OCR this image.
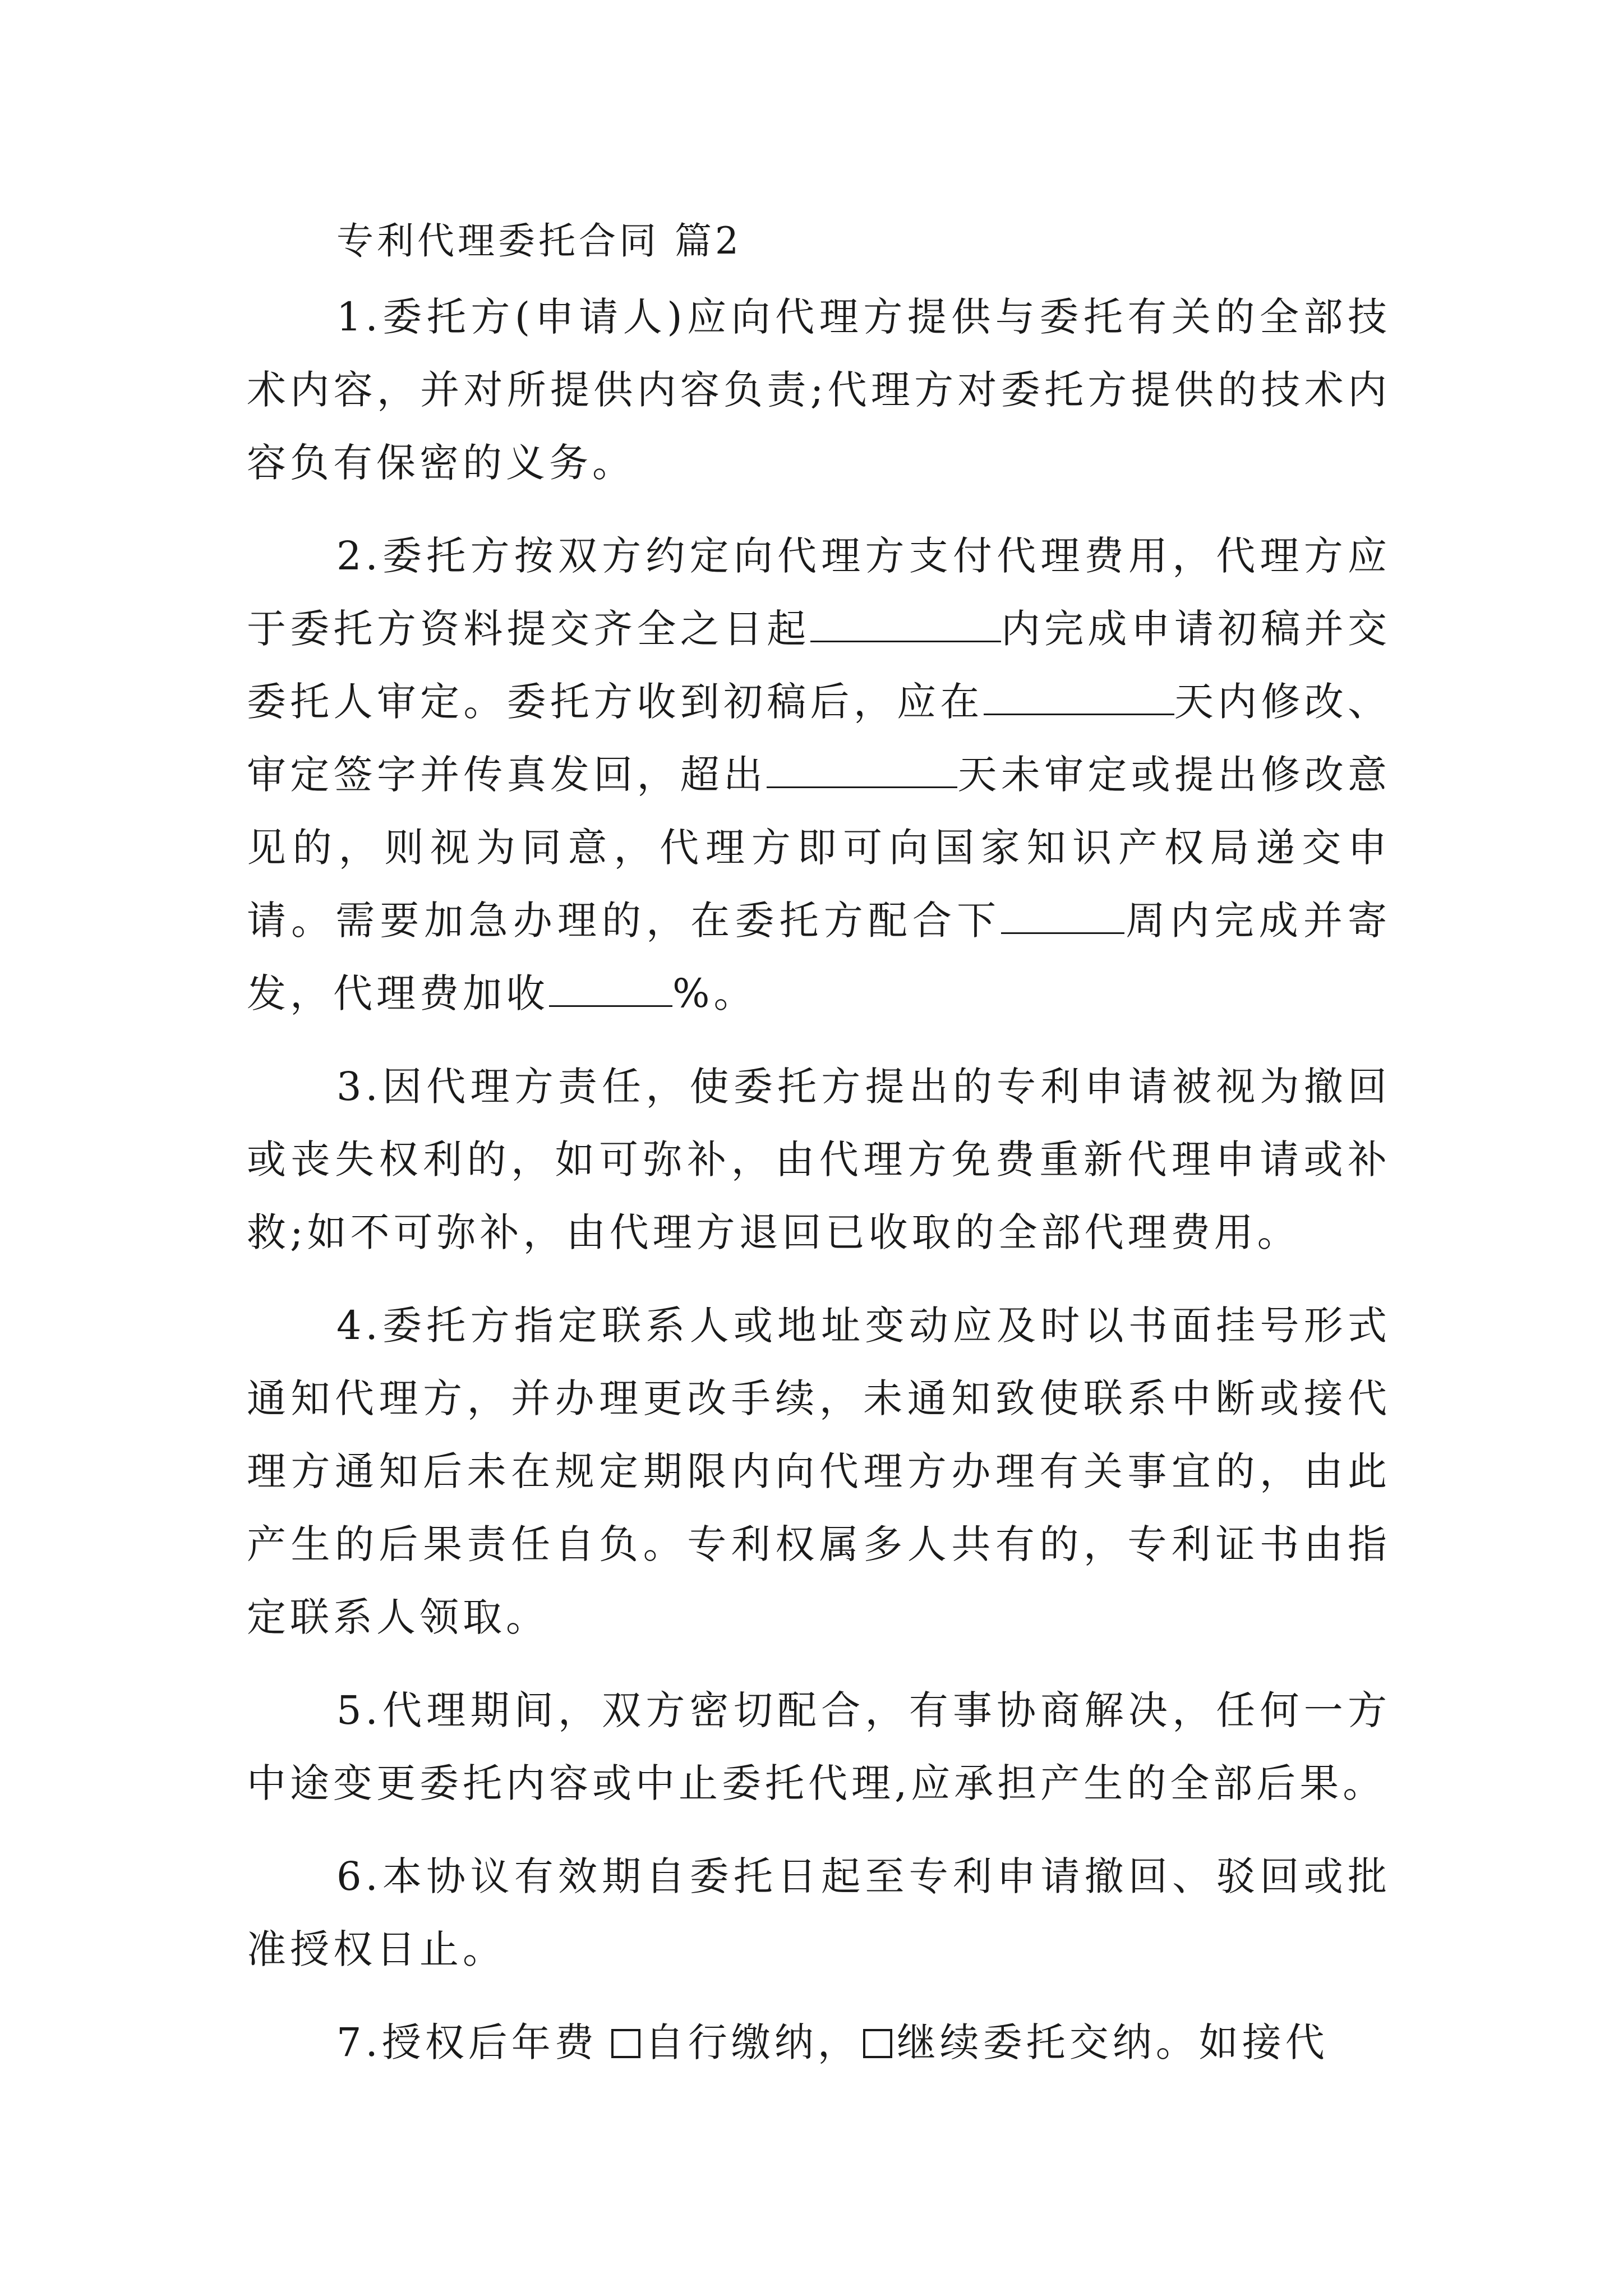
专利代理委托合同 篇2

1.委托方(申请人)应向代理方提供与委托有关的全部技术内容，并对所提供内容负责;代理方对委托方提供的技术内容负有保密的义务。

2.委托方按双方约定向代理方支付代理费用，代理方应于委托方资料提交齐全之日起	内完成申请初稿并交委托人审定。委托方收到初稿后，应在	天内修改、审定签字并传真发回，超出	天未审定或提出修改意见的，则视为同意，代理方即可向国家知识产权局递交申请。需要加急办理的，在委托方配合下	周内完成并寄发，代理费加收	%。

3.因代理方责任，使委托方提出的专利申请被视为撤回或丧失权利的，如可弥补，由代理方免费重新代理申请或补救;如不可弥补，由代理方退回已收取的全部代理费用。

4.委托方指定联系人或地址变动应及时以书面挂号形式通知代理方，并办理更改手续，未通知致使联系中断或接代理方通知后未在规定期限内向代理方办理有关事宜的，由此产生的后果责任自负。专利权属多人共有的，专利证书由指定联系人领取。

5.代理期间，双方密切配合，有事协商解决，任何一方中途变更委托内容或中止委托代理,应承担产生的全部后果。

6.本协议有效期自委托日起至专利申请撤回、驳回或批准授权日止。

7.授权后年费 自行缴纳， 继续委托交纳。如接代
